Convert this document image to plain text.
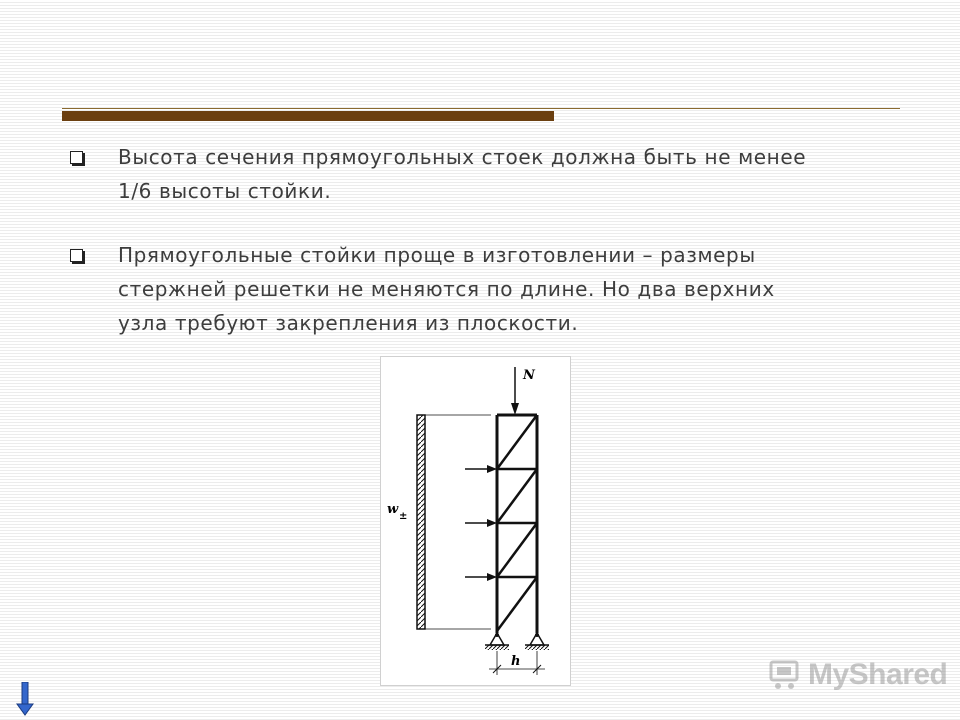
Высота сечения прямоугольных стоек должна быть не менее
1/6 высоты стойки.
Прямоугольные стойки проще в изготовлении – размеры
стержней решетки не меняются по длине. Но два верхних
узла требуют закрепления из плоскости.
N
w ±
h	MyShared
